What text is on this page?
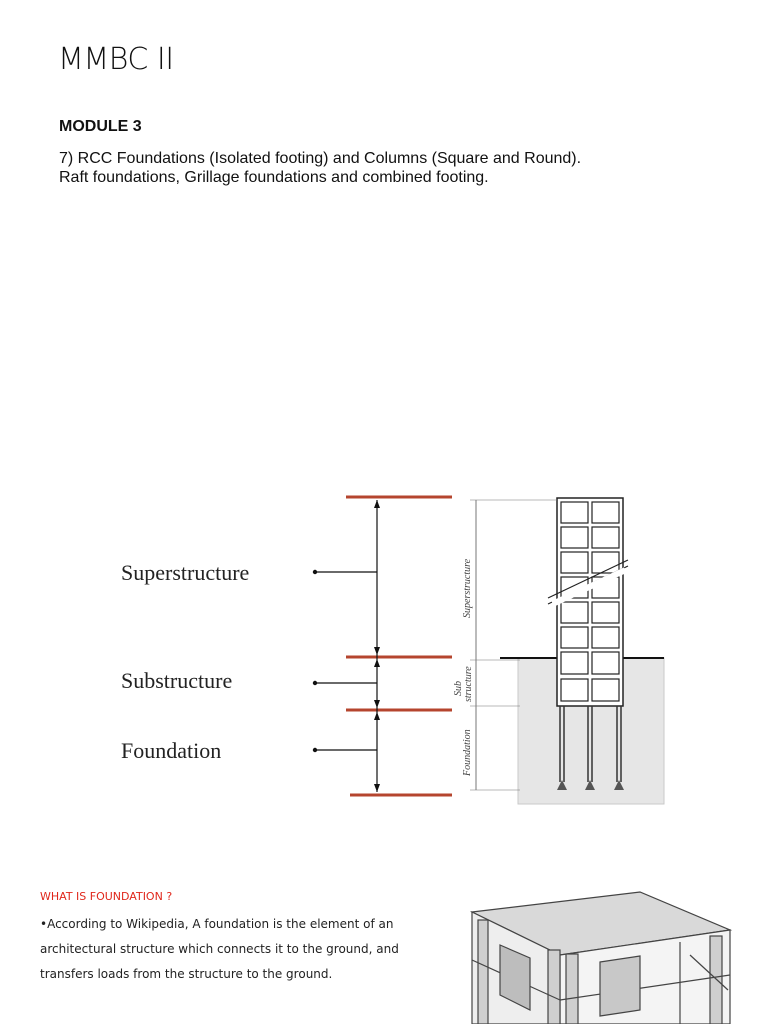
MMBC II
MODULE 3
7) RCC Foundations (Isolated footing) and Columns (Square and Round).
Raft foundations, Grillage foundations and combined footing.
Superstructure
Sub structure
Foundation
Superstructure
Substructure
Foundation
WHAT IS FOUNDATION ?
•According to Wikipedia, A foundation is the element of an
architectural structure which connects it to the ground, and
transfers loads from the structure to the ground.
